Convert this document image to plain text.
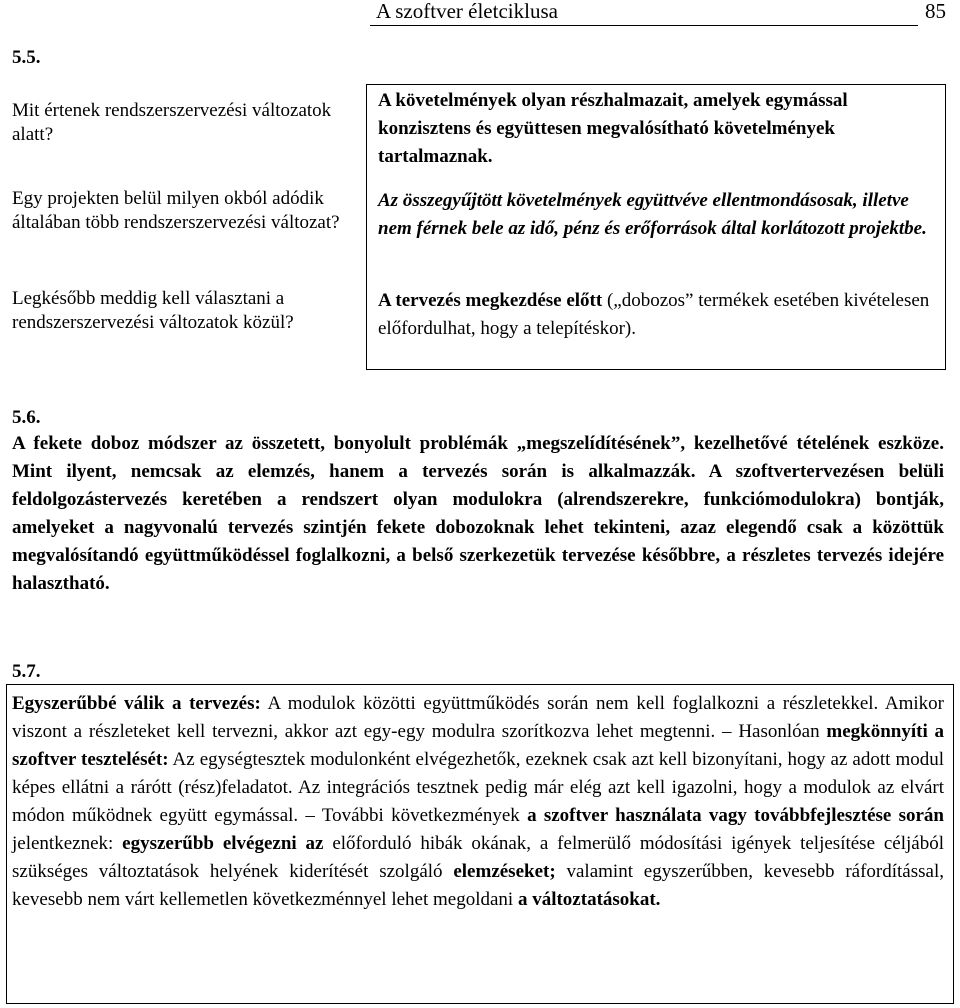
A szoftver életciklusa	85
5.5.
Mit értenek rendszerszervezési változatok alatt?
Egy projekten belül milyen okból adódik általában több rendszerszervezési változat?
Legkésőbb meddig kell választani a rendszerszervezési változatok közül?

A követelmények olyan részhalmazait, amelyek egymással konzisztens és együttesen megvalósítható követelmények tartalmaznak.

Az összegyűjtött követelmények együttvéve ellentmondásosak, illetve nem férnek bele az idő, pénz és erőforrások által korlátozott projektbe.

A tervezés megkezdése előtt („dobozos” termékek esetében kivételesen előfordulhat, hogy a telepítéskor).

5.6.

A fekete doboz módszer az összetett, bonyolult problémák „megszelídítésének”, kezelhetővé tételének eszköze. Mint ilyent, nemcsak az elemzés, hanem a tervezés során is alkalmazzák. A szoftvertervezésen belüli feldolgozástervezés keretében a rendszert olyan modulokra (alrendszerekre, funkciómodulokra) bontják, amelyeket a nagyvonalú tervezés szintjén fekete dobozoknak lehet tekinteni, azaz elegendő csak a közöttük megvalósítandó együttműködéssel foglalkozni, a belső szerkezetük tervezése későbbre, a részletes tervezés idejére halasztható.

5.7.

Egyszerűbbé válik a tervezés: A modulok közötti együttműködés során nem kell foglalkozni a részletekkel. Amikor viszont a részleteket kell tervezni, akkor azt egy-egy modulra szorítkozva lehet megtenni. – Hasonlóan megkönnyíti a szoftver tesztelését: Az egységtesztek modulonként elvégezhetők, ezeknek csak azt kell bizonyítani, hogy az adott modul képes ellátni a rárótt (rész)feladatot. Az integrációs tesztnek pedig már elég azt kell igazolni, hogy a modulok az elvárt módon működnek együtt egymással. – További következmények a szoftver használata vagy továbbfejlesztése során jelentkeznek: egyszerűbb elvégezni az előforduló hibák okának, a felmerülő módosítási igények teljesítése céljából szükséges változtatások helyének kiderítését szolgáló elemzéseket; valamint egyszerűbben, kevesebb ráfordítással, kevesebb nem várt kellemetlen következménnyel lehet megoldani a változtatásokat.
